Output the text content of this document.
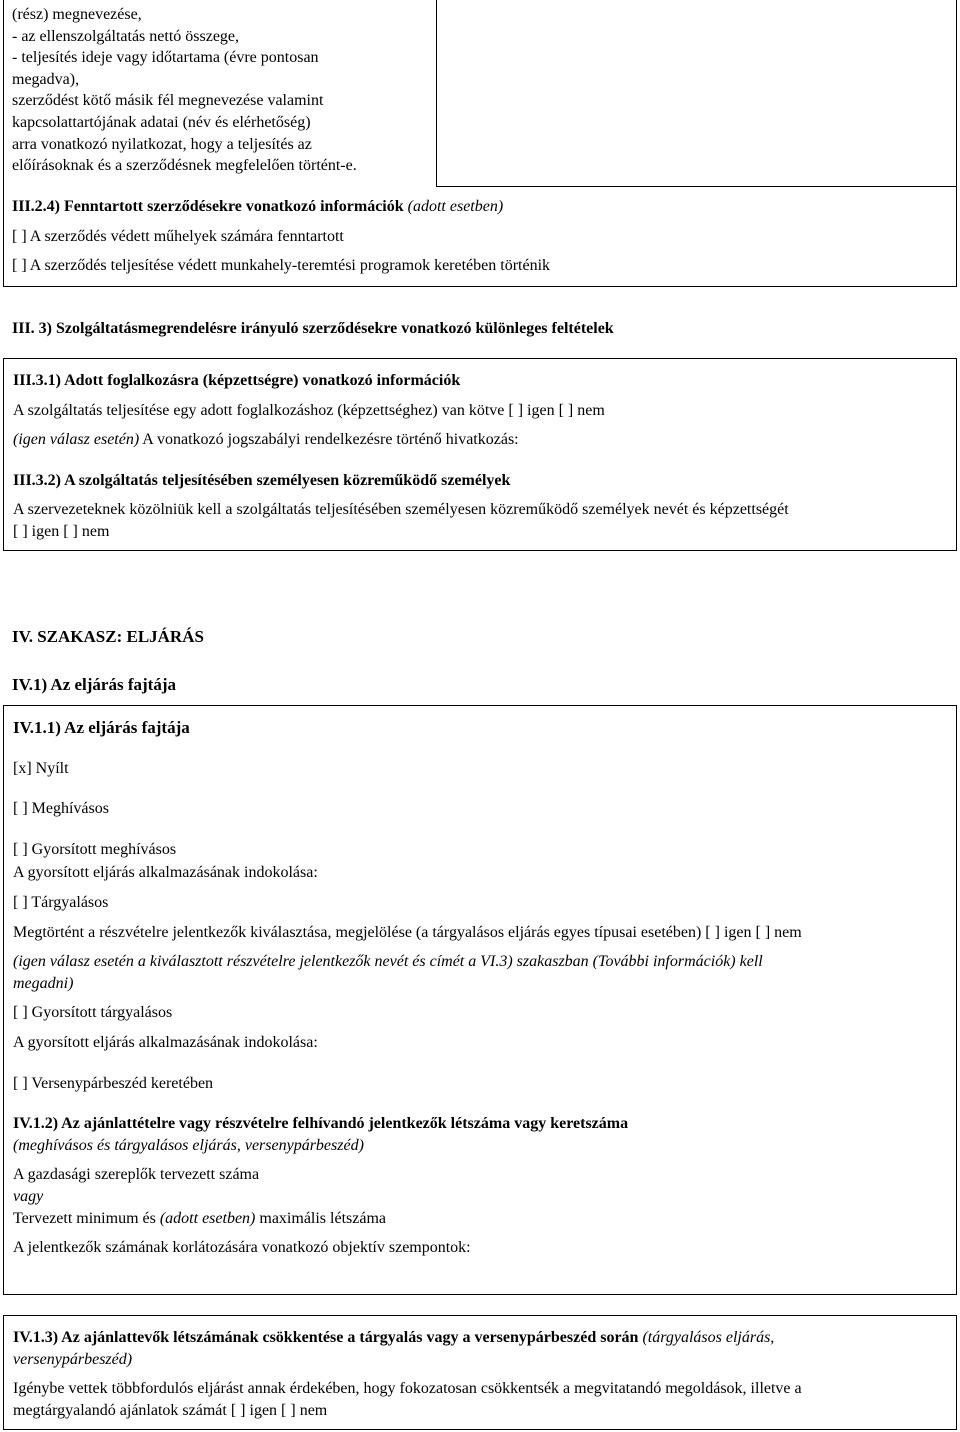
(rész) megnevezése,
- az ellenszolgáltatás nettó összege,
- teljesítés ideje vagy időtartama (évre pontosan
megadva),
szerződést kötő másik fél megnevezése valamint
kapcsolattartójának adatai (név és elérhetőség)
arra vonatkozó nyilatkozat, hogy a teljesítés az
előírásoknak és a szerződésnek megfelelően történt-e.
III.2.4) Fenntartott szerződésekre vonatkozó információk (adott esetben)
[ ] A szerződés védett műhelyek számára fenntartott
[ ] A szerződés teljesítése védett munkahely-teremtési programok keretében történik
III. 3) Szolgáltatásmegrendelésre irányuló szerződésekre vonatkozó különleges feltételek
III.3.1) Adott foglalkozásra (képzettségre) vonatkozó információk
A szolgáltatás teljesítése egy adott foglalkozáshoz (képzettséghez) van kötve [ ] igen [ ] nem
(igen válasz esetén) A vonatkozó jogszabályi rendelkezésre történő hivatkozás:
III.3.2) A szolgáltatás teljesítésében személyesen közreműködő személyek
A szervezeteknek közölniük kell a szolgáltatás teljesítésében személyesen közreműködő személyek nevét és képzettségét
[ ] igen [ ] nem
IV. SZAKASZ: ELJÁRÁS
IV.1) Az eljárás fajtája
IV.1.1) Az eljárás fajtája
[x] Nyílt
[ ] Meghívásos
[ ] Gyorsított meghívásos
A gyorsított eljárás alkalmazásának indokolása:
[ ] Tárgyalásos
Megtörtént a részvételre jelentkezők kiválasztása, megjelölése (a tárgyalásos eljárás egyes típusai esetében) [ ] igen [ ] nem
(igen válasz esetén a kiválasztott részvételre jelentkezők nevét és címét a VI.3) szakaszban (További információk) kell
megadni)
[ ] Gyorsított tárgyalásos
A gyorsított eljárás alkalmazásának indokolása:
[ ] Versenypárbeszéd keretében
IV.1.2) Az ajánlattételre vagy részvételre felhívandó jelentkezők létszáma vagy keretszáma
(meghívásos és tárgyalásos eljárás, versenypárbeszéd)
A gazdasági szereplők tervezett száma
vagy
Tervezett minimum és (adott esetben) maximális létszáma
A jelentkezők számának korlátozására vonatkozó objektív szempontok:
IV.1.3) Az ajánlattevők létszámának csökkentése a tárgyalás vagy a versenypárbeszéd során (tárgyalásos eljárás,
versenypárbeszéd)
Igénybe vettek többfordulós eljárást annak érdekében, hogy fokozatosan csökkentsék a megvitatandó megoldások, illetve a
megtárgyalandó ajánlatok számát [ ] igen [ ] nem
